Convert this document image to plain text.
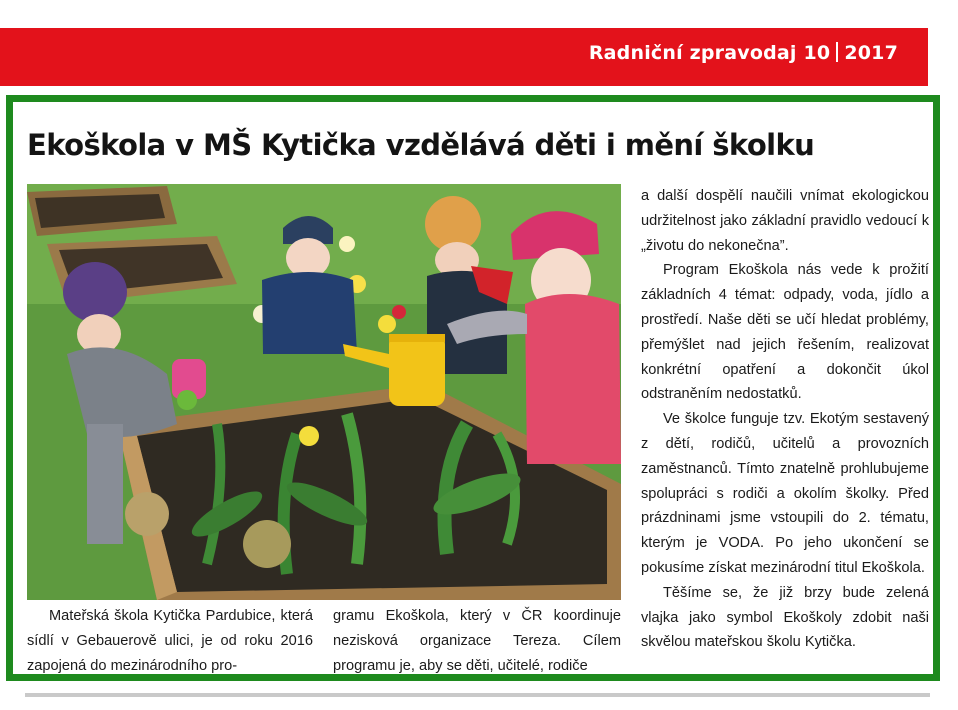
Radniční zpravodaj 10 2017
Ekoškola v MŠ Kytička vzdělává děti i mění školku

Mateřská škola Kytička Pardubice, která sídlí v Gebauerově ulici, je od roku 2016 zapojená do mezinárodního pro-

gramu Ekoškola, který v ČR koordinuje nezisková organizace Tereza. Cílem programu je, aby se děti, učitelé, rodiče

a další dospělí naučili vnímat ekologickou udržitelnost jako základní pravidlo vedoucí k „životu do nekonečna”.

Program Ekoškola nás vede k prožití základních 4 témat: odpady, voda, jídlo a prostředí. Naše děti se učí hledat problémy, přemýšlet nad jejich řešením, realizovat konkrétní opatření a dokončit úkol odstraněním nedostatků.

Ve školce funguje tzv. Ekotým sestavený z dětí, rodičů, učitelů a provozních zaměstnanců. Tímto znatelně prohlubujeme spolupráci s rodiči a okolím školky. Před prázdninami jsme vstoupili do 2. tématu, kterým je VODA. Po jeho ukončení se pokusíme získat mezinárodní titul Ekoškola.

Těšíme se, že již brzy bude zelená vlajka jako symbol Ekoškoly zdobit naši skvělou mateřskou školu Kytička.
